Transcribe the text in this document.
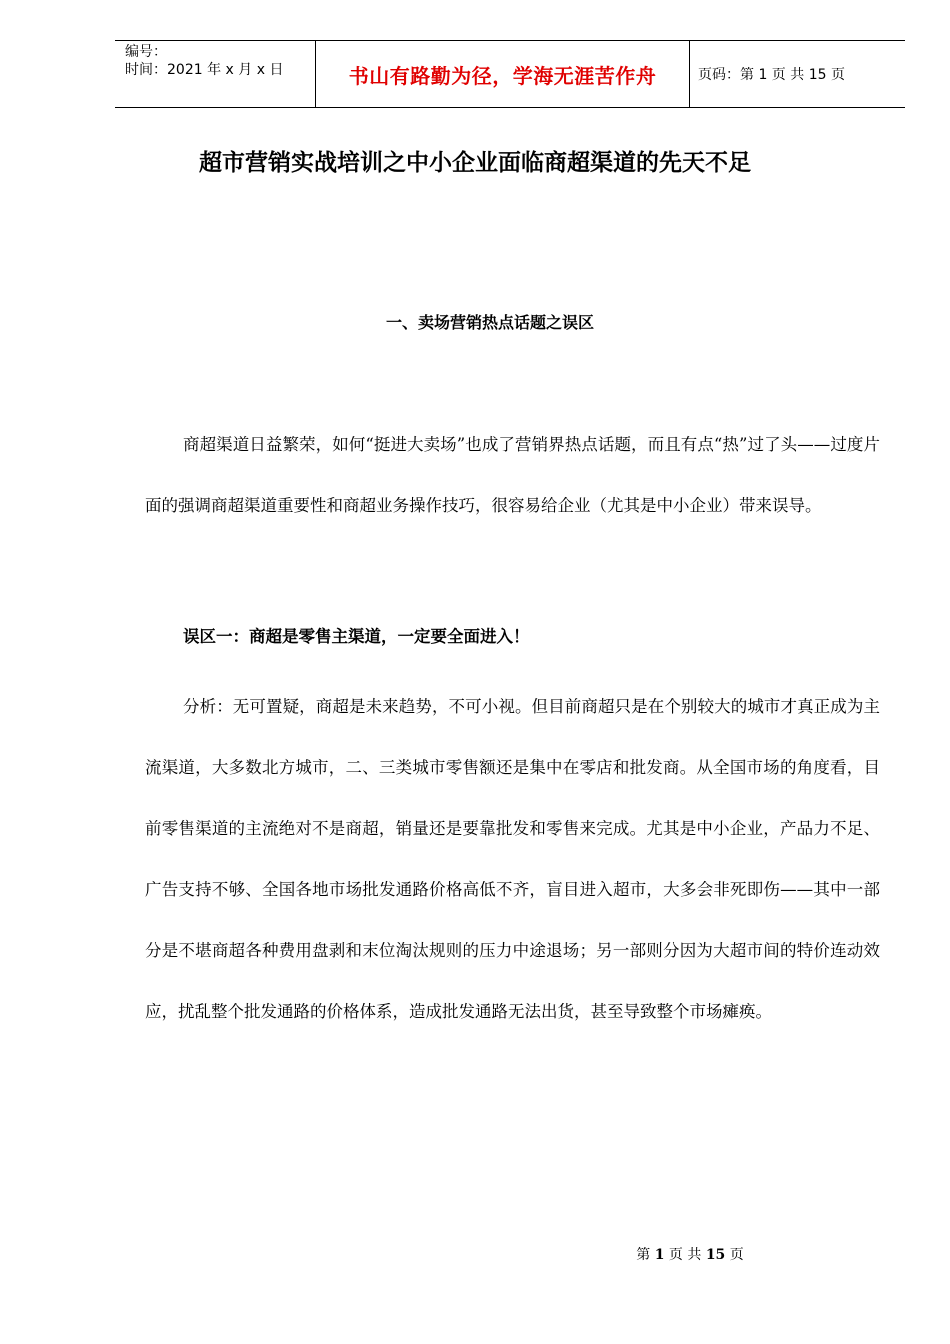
编号：
时间：2021 年 x 月 x 日	书山有路勤为径，学海无涯苦作舟	页码：第 1 页 共 15 页
超市营销实战培训之中小企业面临商超渠道的先天不足
一、卖场营销热点话题之误区

商超渠道日益繁荣，如何“挺进大卖场”也成了营销界热点话题，而且有点“热”过了头——过度片面的强调商超渠道重要性和商超业务操作技巧，很容易给企业（尤其是中小企业）带来误导。

误区一：商超是零售主渠道，一定要全面进入！

分析：无可置疑，商超是未来趋势，不可小视。但目前商超只是在个别较大的城市才真正成为主流渠道，大多数北方城市，二、三类城市零售额还是集中在零店和批发商。从全国市场的角度看，目前零售渠道的主流绝对不是商超，销量还是要靠批发和零售来完成。尤其是中小企业，产品力不足、广告支持不够、全国各地市场批发通路价格高低不齐，盲目进入超市，大多会非死即伤——其中一部分是不堪商超各种费用盘剥和末位淘汰规则的压力中途退场；另一部则分因为大超市间的特价连动效应，扰乱整个批发通路的价格体系，造成批发通路无法出货，甚至导致整个市场瘫痪。

第 1 页 共 15 页
